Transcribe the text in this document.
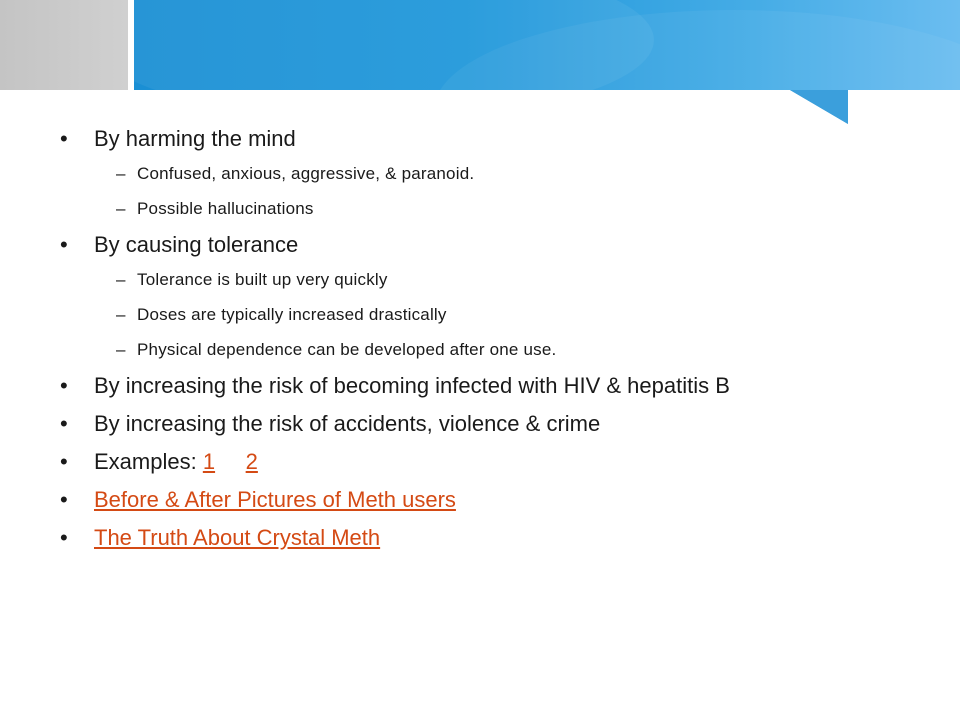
• By harming the mind
– Confused, anxious, aggressive, & paranoid.
– Possible hallucinations
• By causing tolerance
– Tolerance is built up very quickly
– Doses are typically increased drastically
– Physical dependence can be developed after one use.
• By increasing the risk of becoming infected with HIV & hepatitis B
• By increasing the risk of accidents, violence & crime
• Examples: 1 2
• Before & After Pictures of Meth users
• The Truth About Crystal Meth
